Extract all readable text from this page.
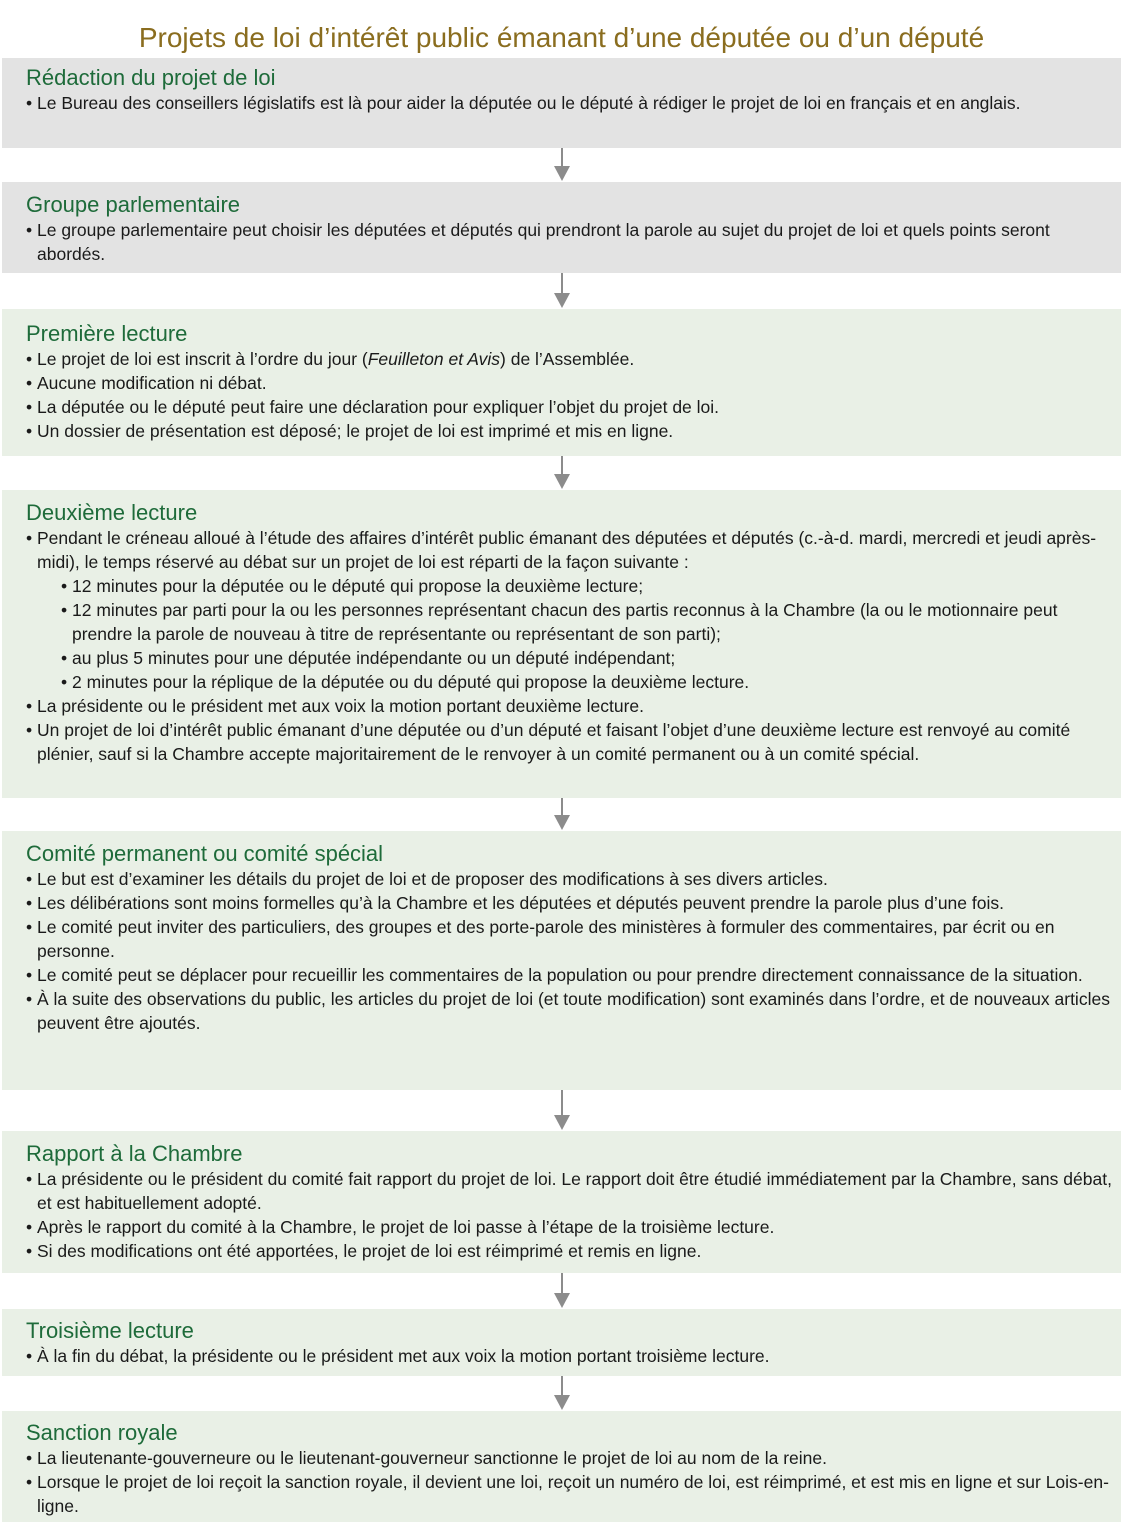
Projets de loi d’intérêt public émanant d’une députée ou d’un député
Rédaction du projet de loi
• Le Bureau des conseillers législatifs est là pour aider la députée ou le député à rédiger le projet de loi en français et en anglais.
Groupe parlementaire
• Le groupe parlementaire peut choisir les députées et députés qui prendront la parole au sujet du projet de loi et quels points seront abordés.
Première lecture
• Le projet de loi est inscrit à l’ordre du jour (Feuilleton et Avis) de l’Assemblée.
• Aucune modification ni débat.
• La députée ou le député peut faire une déclaration pour expliquer l’objet du projet de loi.
• Un dossier de présentation est déposé; le projet de loi est imprimé et mis en ligne.
Deuxième lecture
• Pendant le créneau alloué à l’étude des affaires d’intérêt public émanant des députées et députés (c.-à-d. mardi, mercredi et jeudi après-midi), le temps réservé au débat sur un projet de loi est réparti de la façon suivante :
• 12 minutes pour la députée ou le député qui propose la deuxième lecture;
• 12 minutes par parti pour la ou les personnes représentant chacun des partis reconnus à la Chambre (la ou le motionnaire peut prendre la parole de nouveau à titre de représentante ou représentant de son parti);
• au plus 5 minutes pour une députée indépendante ou un député indépendant;
• 2 minutes pour la réplique de la députée ou du député qui propose la deuxième lecture.
• La présidente ou le président met aux voix la motion portant deuxième lecture.
• Un projet de loi d’intérêt public émanant d’une députée ou d’un député et faisant l’objet d’une deuxième lecture est renvoyé au comité plénier, sauf si la Chambre accepte majoritairement de le renvoyer à un comité permanent ou à un comité spécial.
Comité permanent ou comité spécial
• Le but est d’examiner les détails du projet de loi et de proposer des modifications à ses divers articles.
• Les délibérations sont moins formelles qu’à la Chambre et les députées et députés peuvent prendre la parole plus d’une fois.
• Le comité peut inviter des particuliers, des groupes et des porte-parole des ministères à formuler des commentaires, par écrit ou en personne.
• Le comité peut se déplacer pour recueillir les commentaires de la population ou pour prendre directement connaissance de la situation.
• À la suite des observations du public, les articles du projet de loi (et toute modification) sont examinés dans l’ordre, et de nouveaux articles peuvent être ajoutés.
Rapport à la Chambre
• La présidente ou le président du comité fait rapport du projet de loi. Le rapport doit être étudié immédiatement par la Chambre, sans débat, et est habituellement adopté.
• Après le rapport du comité à la Chambre, le projet de loi passe à l’étape de la troisième lecture.
• Si des modifications ont été apportées, le projet de loi est réimprimé et remis en ligne.
Troisième lecture
• À la fin du débat, la présidente ou le président met aux voix la motion portant troisième lecture.
Sanction royale
• La lieutenante-gouverneure ou le lieutenant-gouverneur sanctionne le projet de loi au nom de la reine.
• Lorsque le projet de loi reçoit la sanction royale, il devient une loi, reçoit un numéro de loi, est réimprimé, et est mis en ligne et sur Lois-en-ligne.
